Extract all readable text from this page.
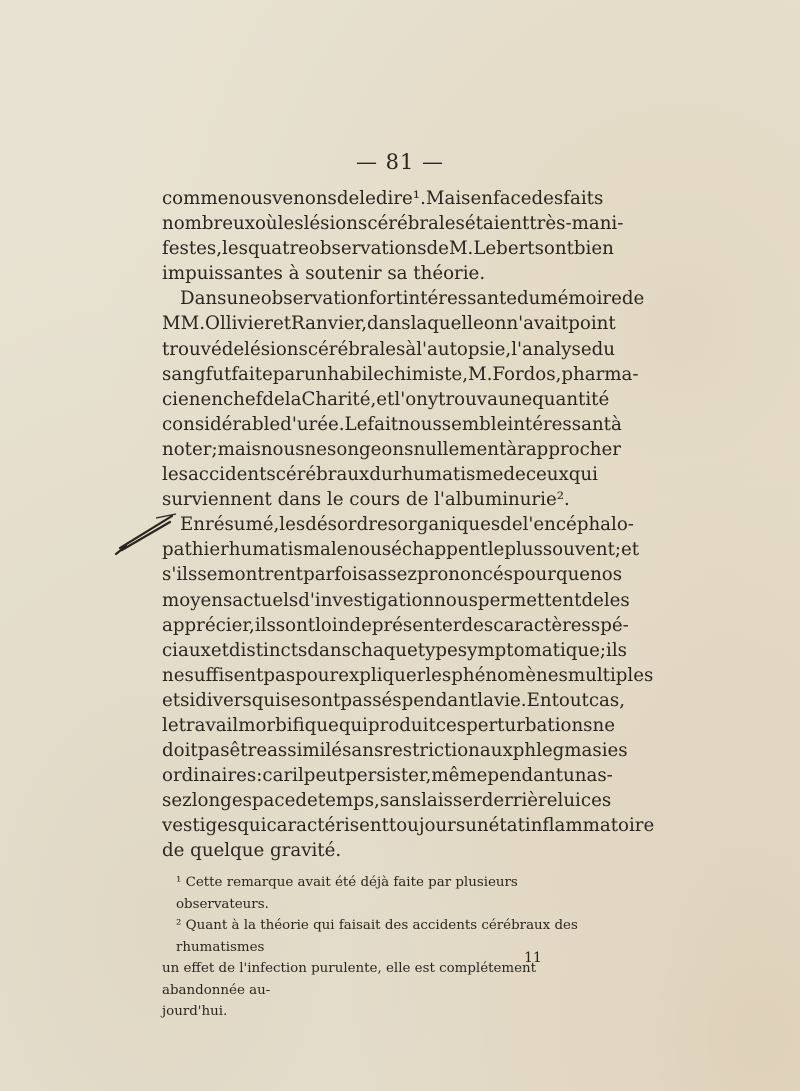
— 81 —
comme nous venons de le dire¹. Mais en face des faits
nombreux où les lésions cérébrales étaient très-mani-
festes, les quatre observations de M. Lebert sont bien
impuissantes à soutenir sa théorie.
Dans une observation fort intéressante du mémoire de
MM. Ollivier et Ranvier, dans laquelle on n'avait point
trouvé de lésions cérébrales à l'autopsie, l'analyse du
sang fut faite par un habile chimiste, M. Fordos, pharma-
cien en chef de la Charité, et l'on y trouva une quantité
considérable d'urée. Le fait nous semble intéressant à
noter ; mais nous ne songeons nullement à rapprocher
les accidents cérébraux du rhumatisme de ceux qui
surviennent dans le cours de l'albuminurie².
En résumé, les désordres organiques de l'encéphalo-
pathie rhumatismale nous échappent le plus souvent ; et
s'ils se montrent parfois assez prononcés pour que nos
moyens actuels d'investigation nous permettent de les
apprécier, ils sont loin de présenter des caractères spé-
ciaux et distincts dans chaque type symptomatique ; ils
ne suffisent pas pour expliquer les phénomènes multiples
et si divers qui se sont passés pendant la vie. En tout cas,
le travail morbifique qui produit ces perturbations ne
doit pas être assimilé sans restriction aux phlegmasies
ordinaires : car il peut persister, même pendant un as-
sez long espace de temps, sans laisser derrière lui ces
vestiges qui caractérisent toujours un état inflammatoire
de quelque gravité.
¹ Cette remarque avait été déjà faite par plusieurs observateurs.
² Quant à la théorie qui faisait des accidents cérébraux des rhumatismes
un effet de l'infection purulente, elle est complétement abandonnée au-
jourd'hui.
11
